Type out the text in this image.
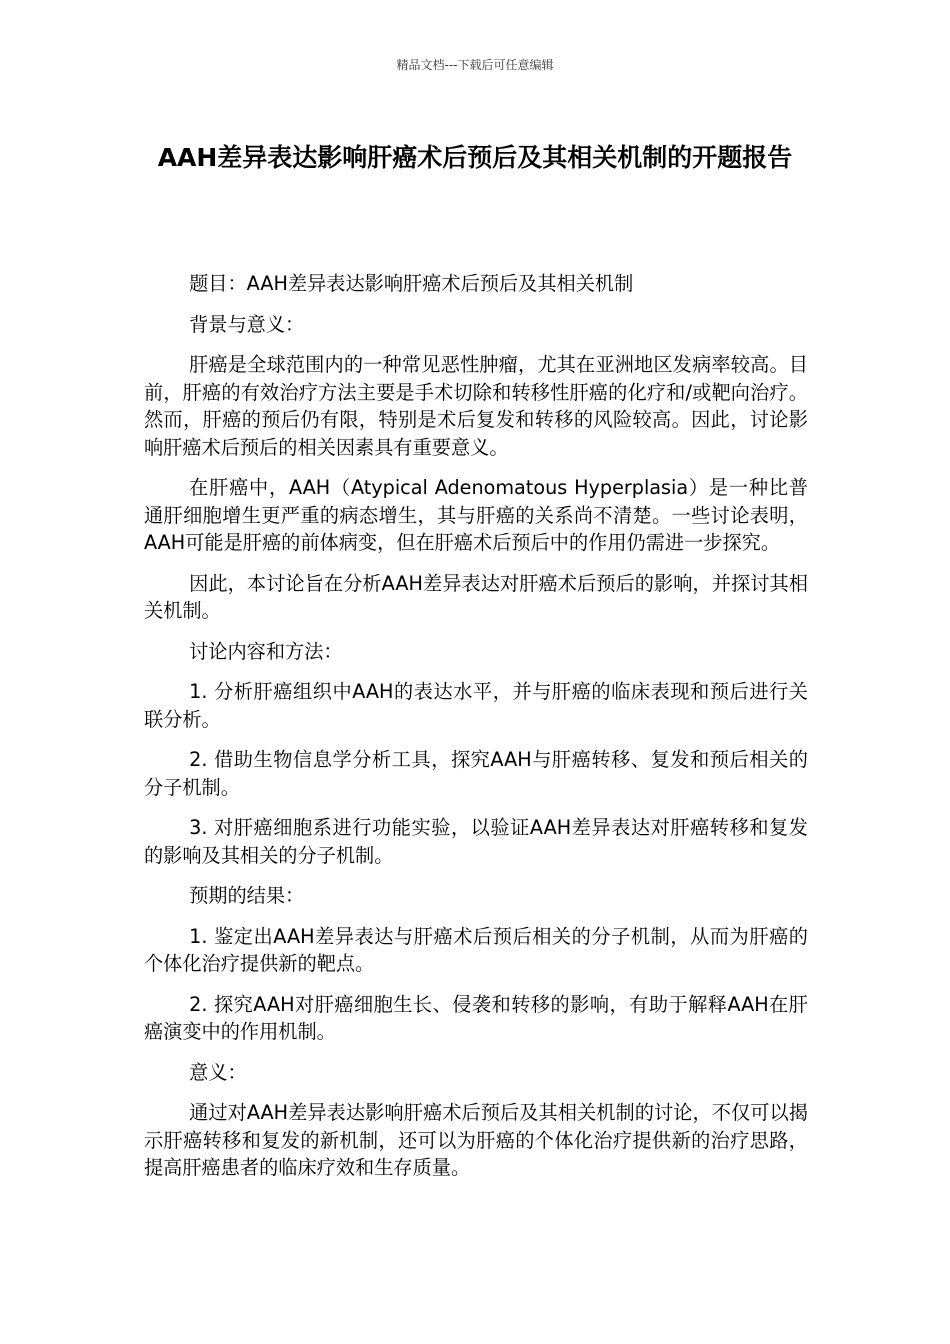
精品文档---下载后可任意编辑
AAH差异表达影响肝癌术后预后及其相关机制的开题报告

题目：AAH差异表达影响肝癌术后预后及其相关机制

背景与意义：

肝癌是全球范围内的一种常见恶性肿瘤，尤其在亚洲地区发病率较高。目前，肝癌的有效治疗方法主要是手术切除和转移性肝癌的化疗和/或靶向治疗。然而，肝癌的预后仍有限，特别是术后复发和转移的风险较高。因此，讨论影响肝癌术后预后的相关因素具有重要意义。

在肝癌中，AAH（Atypical Adenomatous Hyperplasia）是一种比普通肝细胞增生更严重的病态增生，其与肝癌的关系尚不清楚。一些讨论表明，AAH可能是肝癌的前体病变，但在肝癌术后预后中的作用仍需进一步探究。

因此，本讨论旨在分析AAH差异表达对肝癌术后预后的影响，并探讨其相关机制。

讨论内容和方法：

1. 分析肝癌组织中AAH的表达水平，并与肝癌的临床表现和预后进行关联分析。

2. 借助生物信息学分析工具，探究AAH与肝癌转移、复发和预后相关的分子机制。

3. 对肝癌细胞系进行功能实验，以验证AAH差异表达对肝癌转移和复发的影响及其相关的分子机制。

预期的结果：

1. 鉴定出AAH差异表达与肝癌术后预后相关的分子机制，从而为肝癌的个体化治疗提供新的靶点。

2. 探究AAH对肝癌细胞生长、侵袭和转移的影响，有助于解释AAH在肝癌演变中的作用机制。

意义：

通过对AAH差异表达影响肝癌术后预后及其相关机制的讨论，不仅可以揭示肝癌转移和复发的新机制，还可以为肝癌的个体化治疗提供新的治疗思路，提高肝癌患者的临床疗效和生存质量。
